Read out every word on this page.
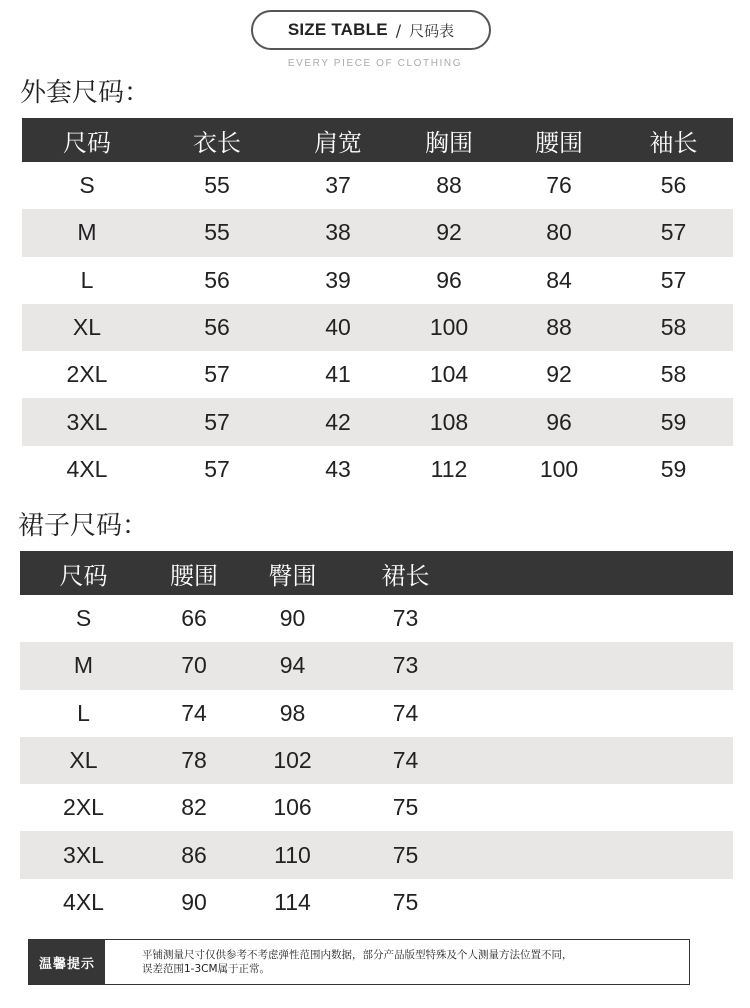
SIZE TABLE / 尺码表
EVERY PIECE OF CLOTHING
外套尺码：
尺码	衣长	肩宽	胸围	腰围	袖长
S	55	37	88	76	56
M	55	38	92	80	57
L	56	39	96	84	57
XL	56	40	100	88	58
2XL	57	41	104	92	58
3XL	57	42	108	96	59
4XL	57	43	112	100	59
裙子尺码：
尺码	腰围	臀围	裙长	
S	66	90	73	
M	70	94	73	
L	74	98	74	
XL	78	102	74	
2XL	82	106	75	
3XL	86	110	75	
4XL	90	114	75	
温馨提示
平铺测量尺寸仅供参考不考虑弹性范围内数据，部分产品版型特殊及个人测量方法位置不同，
误差范围1-3CM属于正常。
